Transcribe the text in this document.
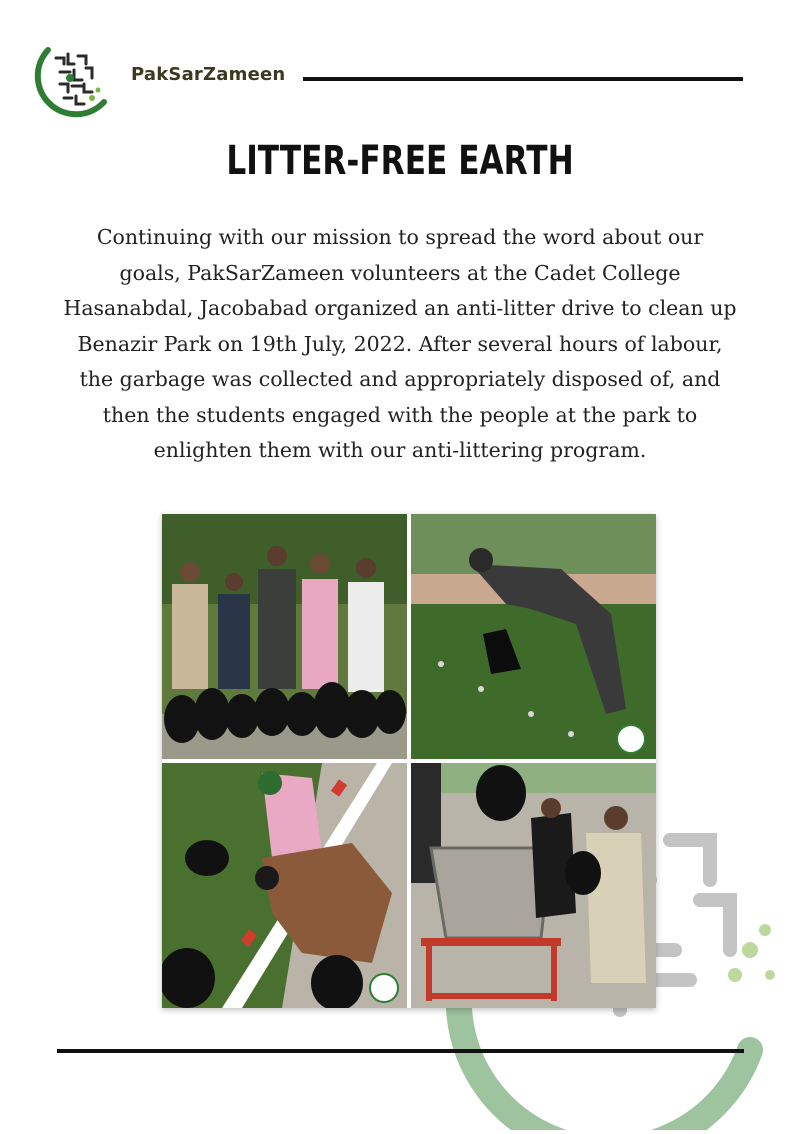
PakSarZameen
LITTER-FREE EARTH
Continuing with our mission to spread the word about our
goals, PakSarZameen volunteers at the Cadet College
Hasanabdal, Jacobabad organized an anti-litter drive to clean up
Benazir Park on 19th July, 2022. After several hours of labour,
the garbage was collected and appropriately disposed of, and
then the students engaged with the people at the park to
enlighten them with our anti-littering program.
